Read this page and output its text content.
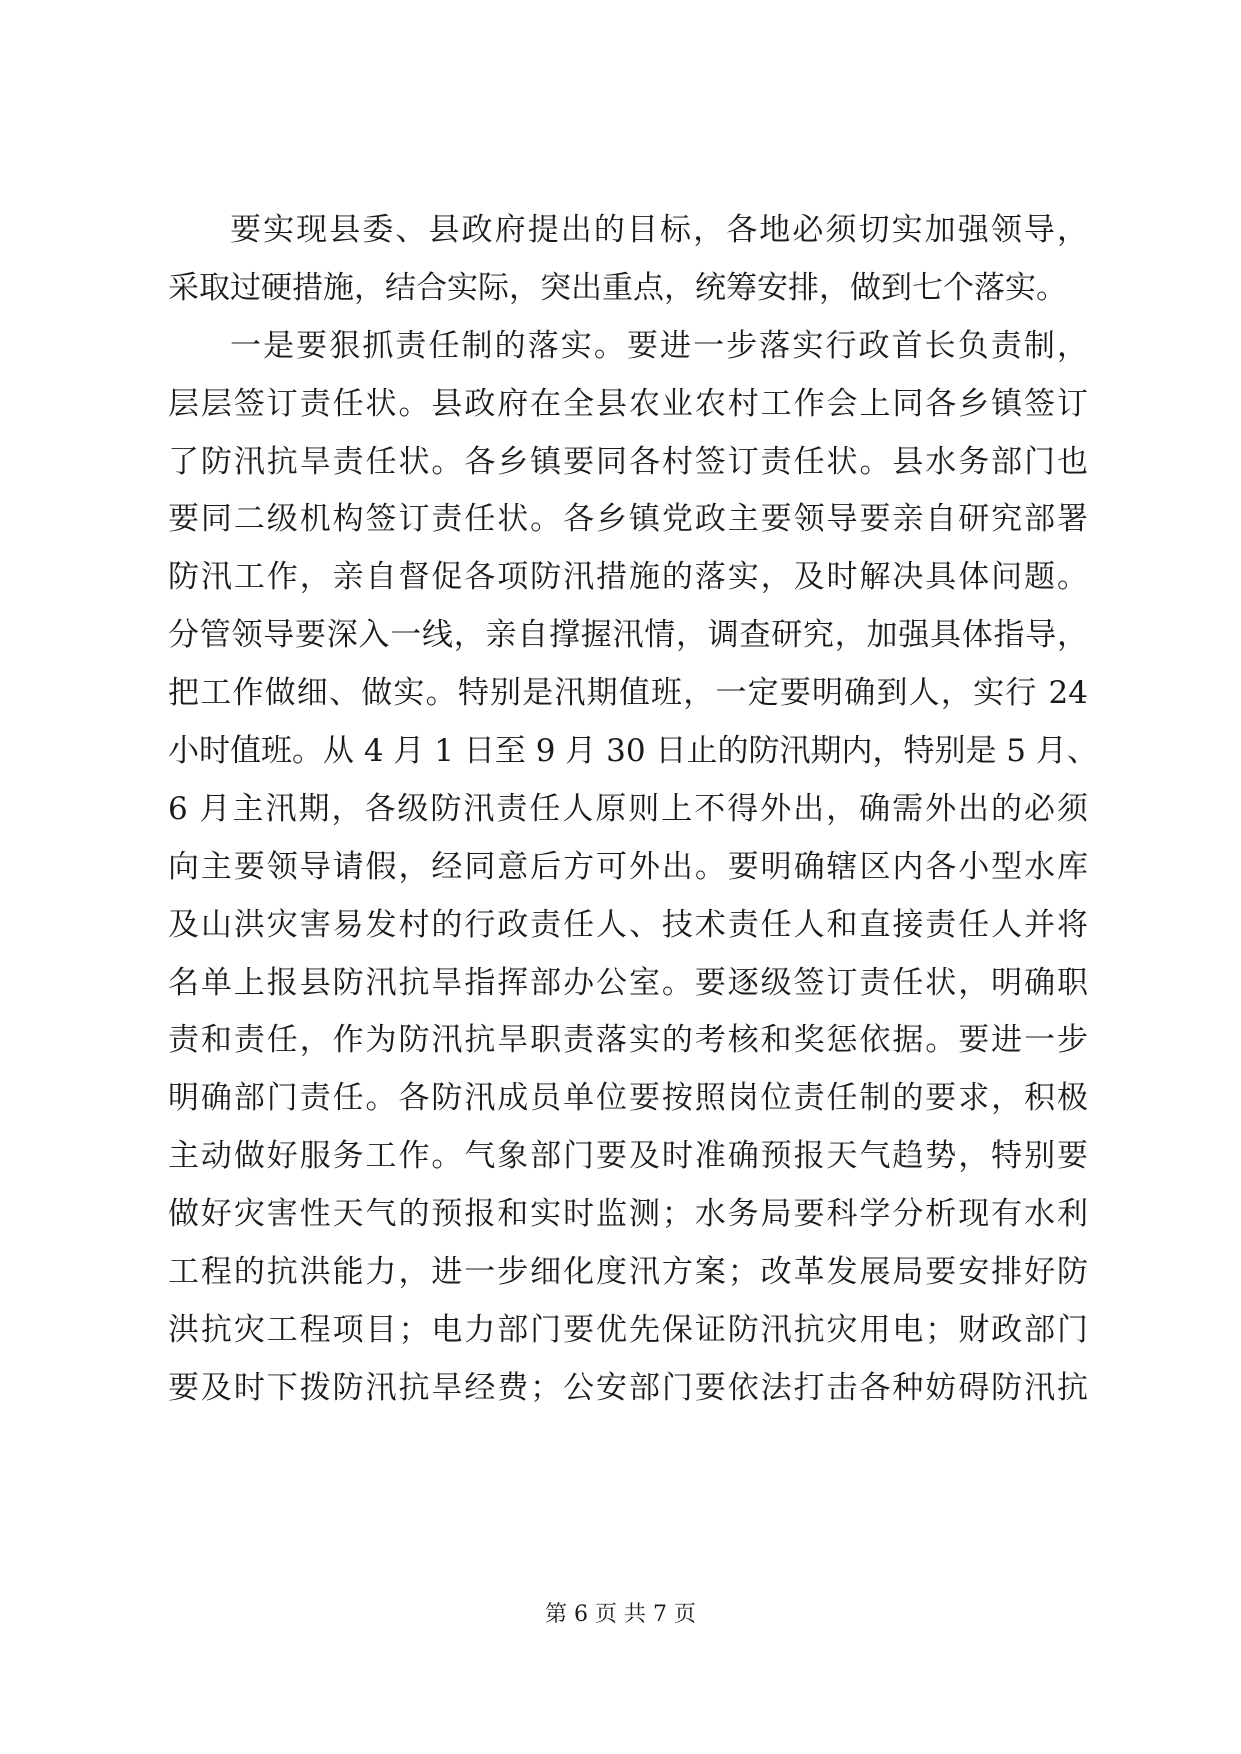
要实现县委、县政府提出的目标，各地必须切实加强领导，
采取过硬措施，结合实际，突出重点，统筹安排，做到七个落实。
一是要狠抓责任制的落实。要进一步落实行政首长负责制，
层层签订责任状。县政府在全县农业农村工作会上同各乡镇签订
了防汛抗旱责任状。各乡镇要同各村签订责任状。县水务部门也
要同二级机构签订责任状。各乡镇党政主要领导要亲自研究部署
防汛工作，亲自督促各项防汛措施的落实，及时解决具体问题。
分管领导要深入一线，亲自撑握汛情，调查研究，加强具体指导，
把工作做细、做实。特别是汛期值班，一定要明确到人，实行 24
小时值班。从 4 月 1 日至 9 月 30 日止的防汛期内，特别是 5 月、
6 月主汛期，各级防汛责任人原则上不得外出，确需外出的必须
向主要领导请假，经同意后方可外出。要明确辖区内各小型水库
及山洪灾害易发村的行政责任人、技术责任人和直接责任人并将
名单上报县防汛抗旱指挥部办公室。要逐级签订责任状，明确职
责和责任，作为防汛抗旱职责落实的考核和奖惩依据。要进一步
明确部门责任。各防汛成员单位要按照岗位责任制的要求，积极
主动做好服务工作。气象部门要及时准确预报天气趋势，特别要
做好灾害性天气的预报和实时监测；水务局要科学分析现有水利
工程的抗洪能力，进一步细化度汛方案；改革发展局要安排好防
洪抗灾工程项目；电力部门要优先保证防汛抗灾用电；财政部门
要及时下拨防汛抗旱经费；公安部门要依法打击各种妨碍防汛抗
第 6 页 共 7 页
